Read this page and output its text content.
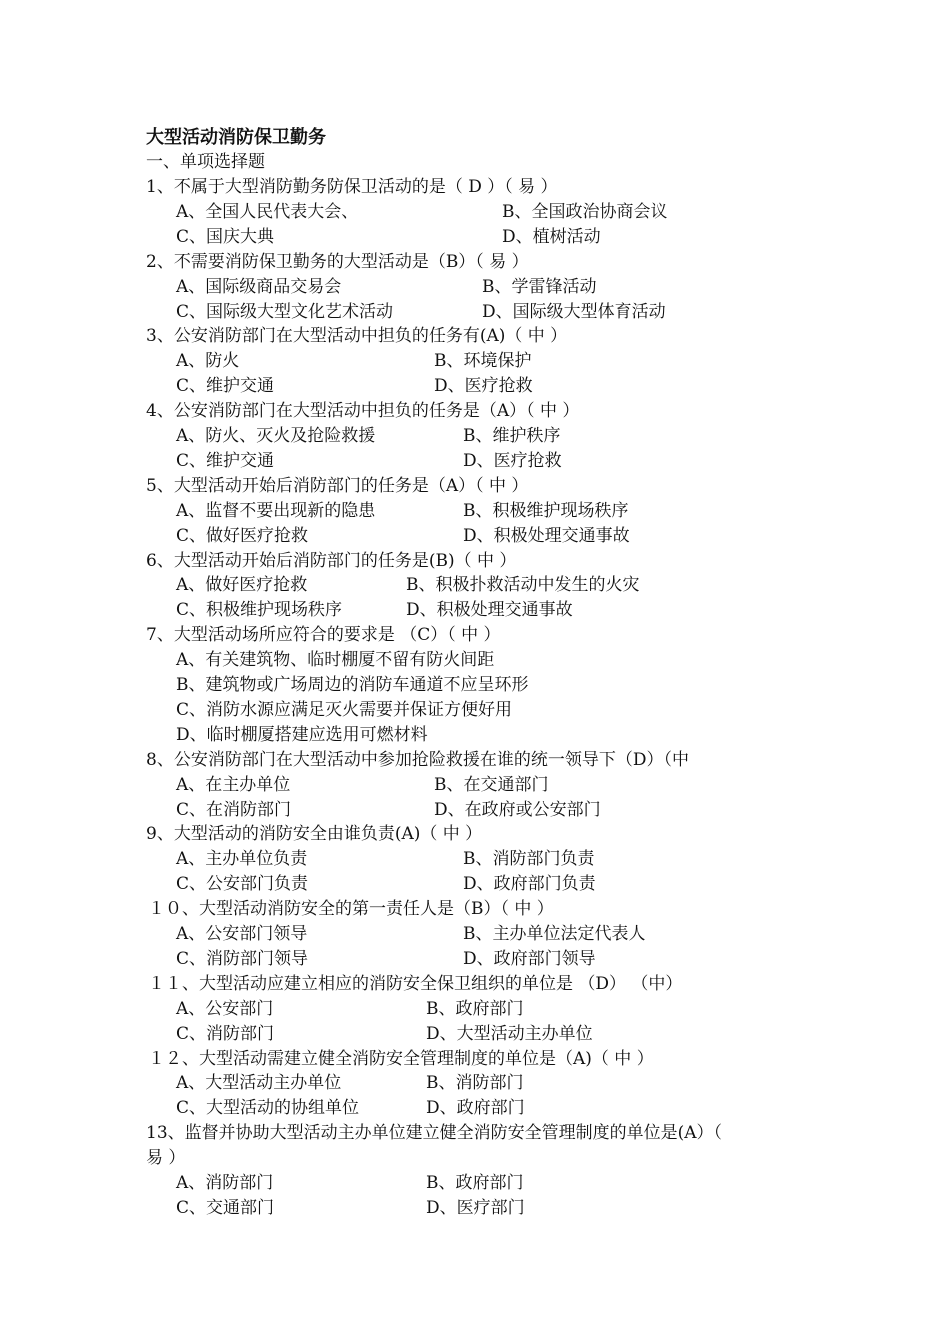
大型活动消防保卫勤务
一、单项选择题
1、不属于大型消防勤务防保卫活动的是（ D ）（ 易 ）
A、全国人民代表大会、	B、全国政治协商会议
C、国庆大典	D、植树活动
2、不需要消防保卫勤务的大型活动是（B）（ 易 ）
A、国际级商品交易会	B、学雷锋活动
C、国际级大型文化艺术活动	D、国际级大型体育活动
3、公安消防部门在大型活动中担负的任务有(A)（ 中 ）
A、防火	B、环境保护
C、维护交通	D、医疗抢救
4、公安消防部门在大型活动中担负的任务是（A）（ 中 ）
A、防火、灭火及抢险救援	B、维护秩序
C、维护交通	D、医疗抢救
5、大型活动开始后消防部门的任务是（A）（ 中 ）
A、监督不要出现新的隐患	B、积极维护现场秩序
C、做好医疗抢救	D、积极处理交通事故
6、大型活动开始后消防部门的任务是(B)（ 中 ）
A、做好医疗抢救	B、积极扑救活动中发生的火灾
C、积极维护现场秩序	D、积极处理交通事故
7、大型活动场所应符合的要求是 （C）（ 中 ）
A、有关建筑物、临时棚厦不留有防火间距
B、建筑物或广场周边的消防车通道不应呈环形
C、消防水源应满足灭火需要并保证方便好用
D、临时棚厦搭建应选用可燃材料
8、公安消防部门在大型活动中参加抢险救援在谁的统一领导下（D）（中
A、在主办单位	B、在交通部门
C、在消防部门	D、在政府或公安部门
9、大型活动的消防安全由谁负责(A)（ 中 ）
A、主办单位负责	B、消防部门负责
C、公安部门负责	D、政府部门负责
１０、大型活动消防安全的第一责任人是（B）（ 中 ）
A、公安部门领导	B、主办单位法定代表人
C、消防部门领导	D、政府部门领导
１１、大型活动应建立相应的消防安全保卫组织的单位是 （D） （中）
A、公安部门	B、政府部门
C、消防部门	D、大型活动主办单位
１２、大型活动需建立健全消防安全管理制度的单位是（A)（ 中 ）
A、大型活动主办单位	B、消防部门
C、大型活动的协组单位	D、政府部门
13、监督并协助大型活动主办单位建立健全消防安全管理制度的单位是(A）（
易 ）
A、消防部门	B、政府部门
C、交通部门	D、医疗部门
